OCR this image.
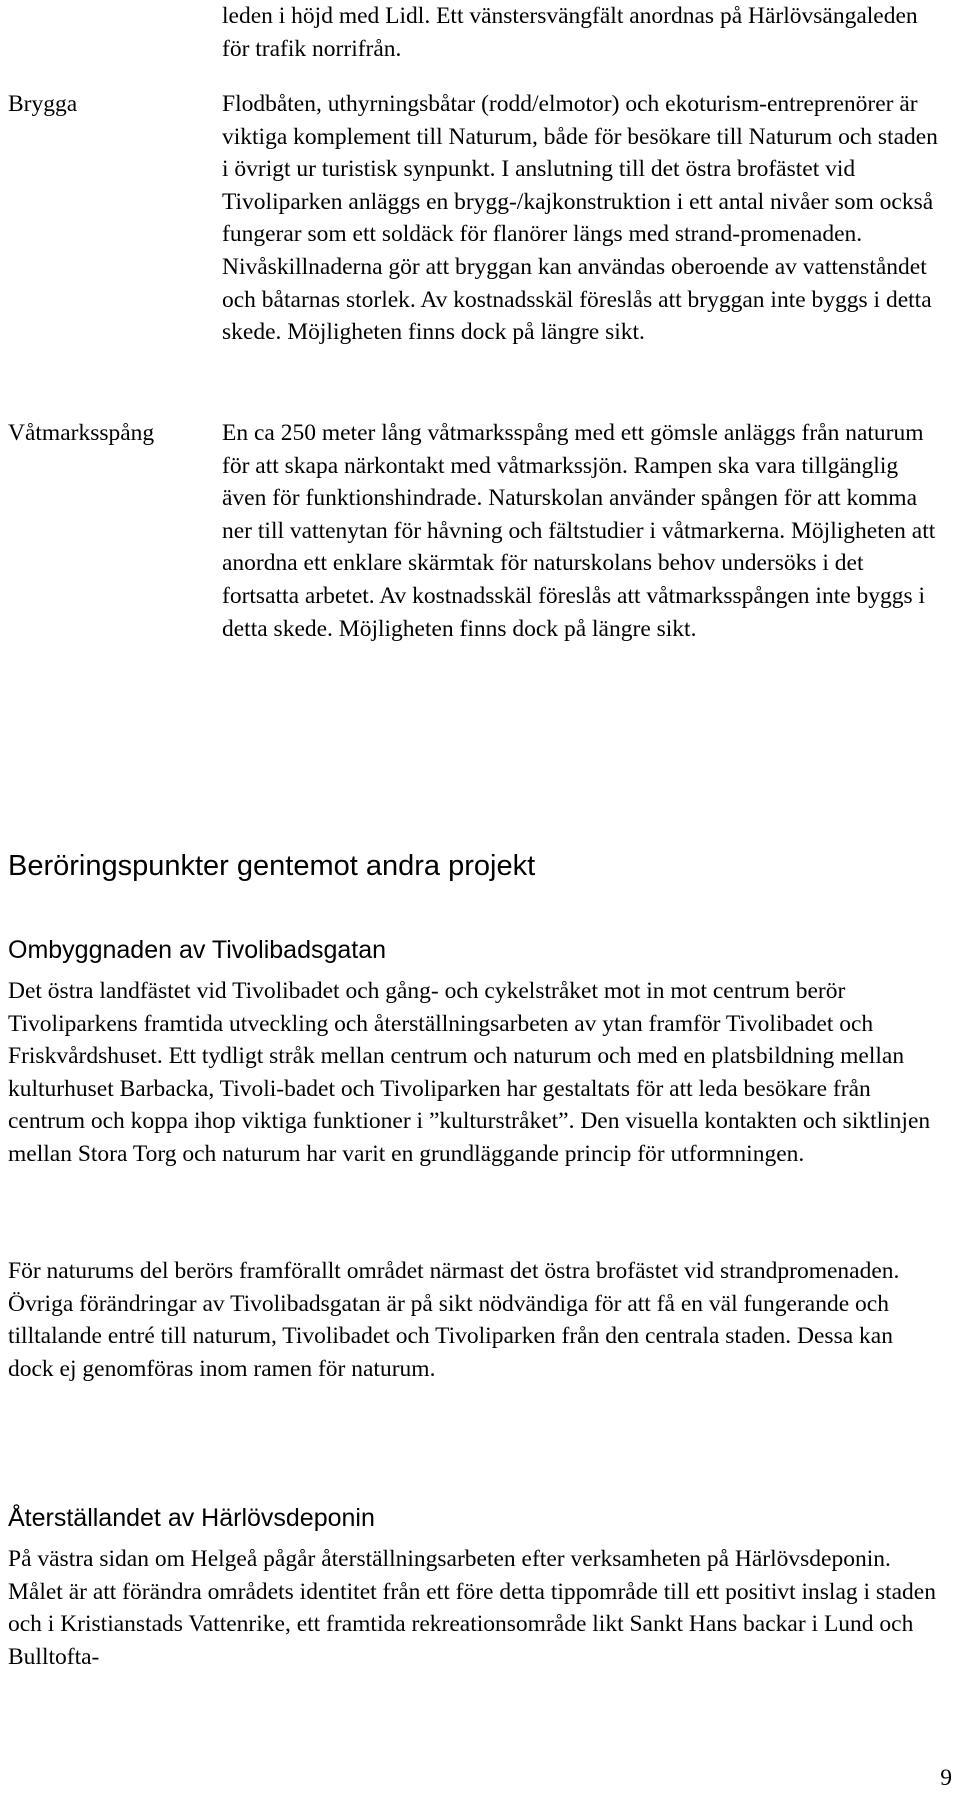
leden i höjd med Lidl. Ett vänstersvängfält anordnas på Härlövsängaleden för trafik norrifrån.

Brygga	Flodbåten, uthyrningsbåtar (rodd/elmotor) och ekoturism-entreprenörer är viktiga komplement till Naturum, både för besökare till Naturum och staden i övrigt ur turistisk synpunkt. I anslutning till det östra brofästet vid Tivoliparken anläggs en brygg-/kajkonstruktion i ett antal nivåer som också fungerar som ett soldäck för flanörer längs med strand-promenaden. Nivåskillnaderna gör att bryggan kan användas oberoende av vattenståndet och båtarnas storlek. Av kostnadsskäl föreslås att bryggan inte byggs i detta skede. Möjligheten finns dock på längre sikt.

Våtmarksspång	En ca 250 meter lång våtmarksspång med ett gömsle anläggs från naturum för att skapa närkontakt med våtmarkssjön. Rampen ska vara tillgänglig även för funktionshindrade. Naturskolan använder spången för att komma ner till vattenytan för håvning och fältstudier i våtmarkerna. Möjligheten att anordna ett enklare skärmtak för naturskolans behov undersöks i det fortsatta arbetet. Av kostnadsskäl föreslås att våtmarksspången inte byggs i detta skede. Möjligheten finns dock på längre sikt.

Beröringspunkter gentemot andra projekt
Ombyggnaden av Tivolibadsgatan

Det östra landfästet vid Tivolibadet och gång- och cykelstråket mot in mot centrum berör Tivoliparkens framtida utveckling och återställningsarbeten av ytan framför Tivolibadet och Friskvårdshuset. Ett tydligt stråk mellan centrum och naturum och med en platsbildning mellan kulturhuset Barbacka, Tivoli-badet och Tivoliparken har gestaltats för att leda besökare från centrum och koppa ihop viktiga funktioner i ”kulturstråket”. Den visuella kontakten och siktlinjen mellan Stora Torg och naturum har varit en grundläggande princip för utformningen.

För naturums del berörs framförallt området närmast det östra brofästet vid strandpromenaden. Övriga förändringar av Tivolibadsgatan är på sikt nödvändiga för att få en väl fungerande och tilltalande entré till naturum, Tivolibadet och Tivoliparken från den centrala staden. Dessa kan dock ej genomföras inom ramen för naturum.

Återställandet av Härlövsdeponin

På västra sidan om Helgeå pågår återställningsarbeten efter verksamheten på Härlövsdeponin. Målet är att förändra områdets identitet från ett före detta tippområde till ett positivt inslag i staden och i Kristianstads Vattenrike, ett framtida rekreationsområde likt Sankt Hans backar i Lund och Bulltofta-

9
